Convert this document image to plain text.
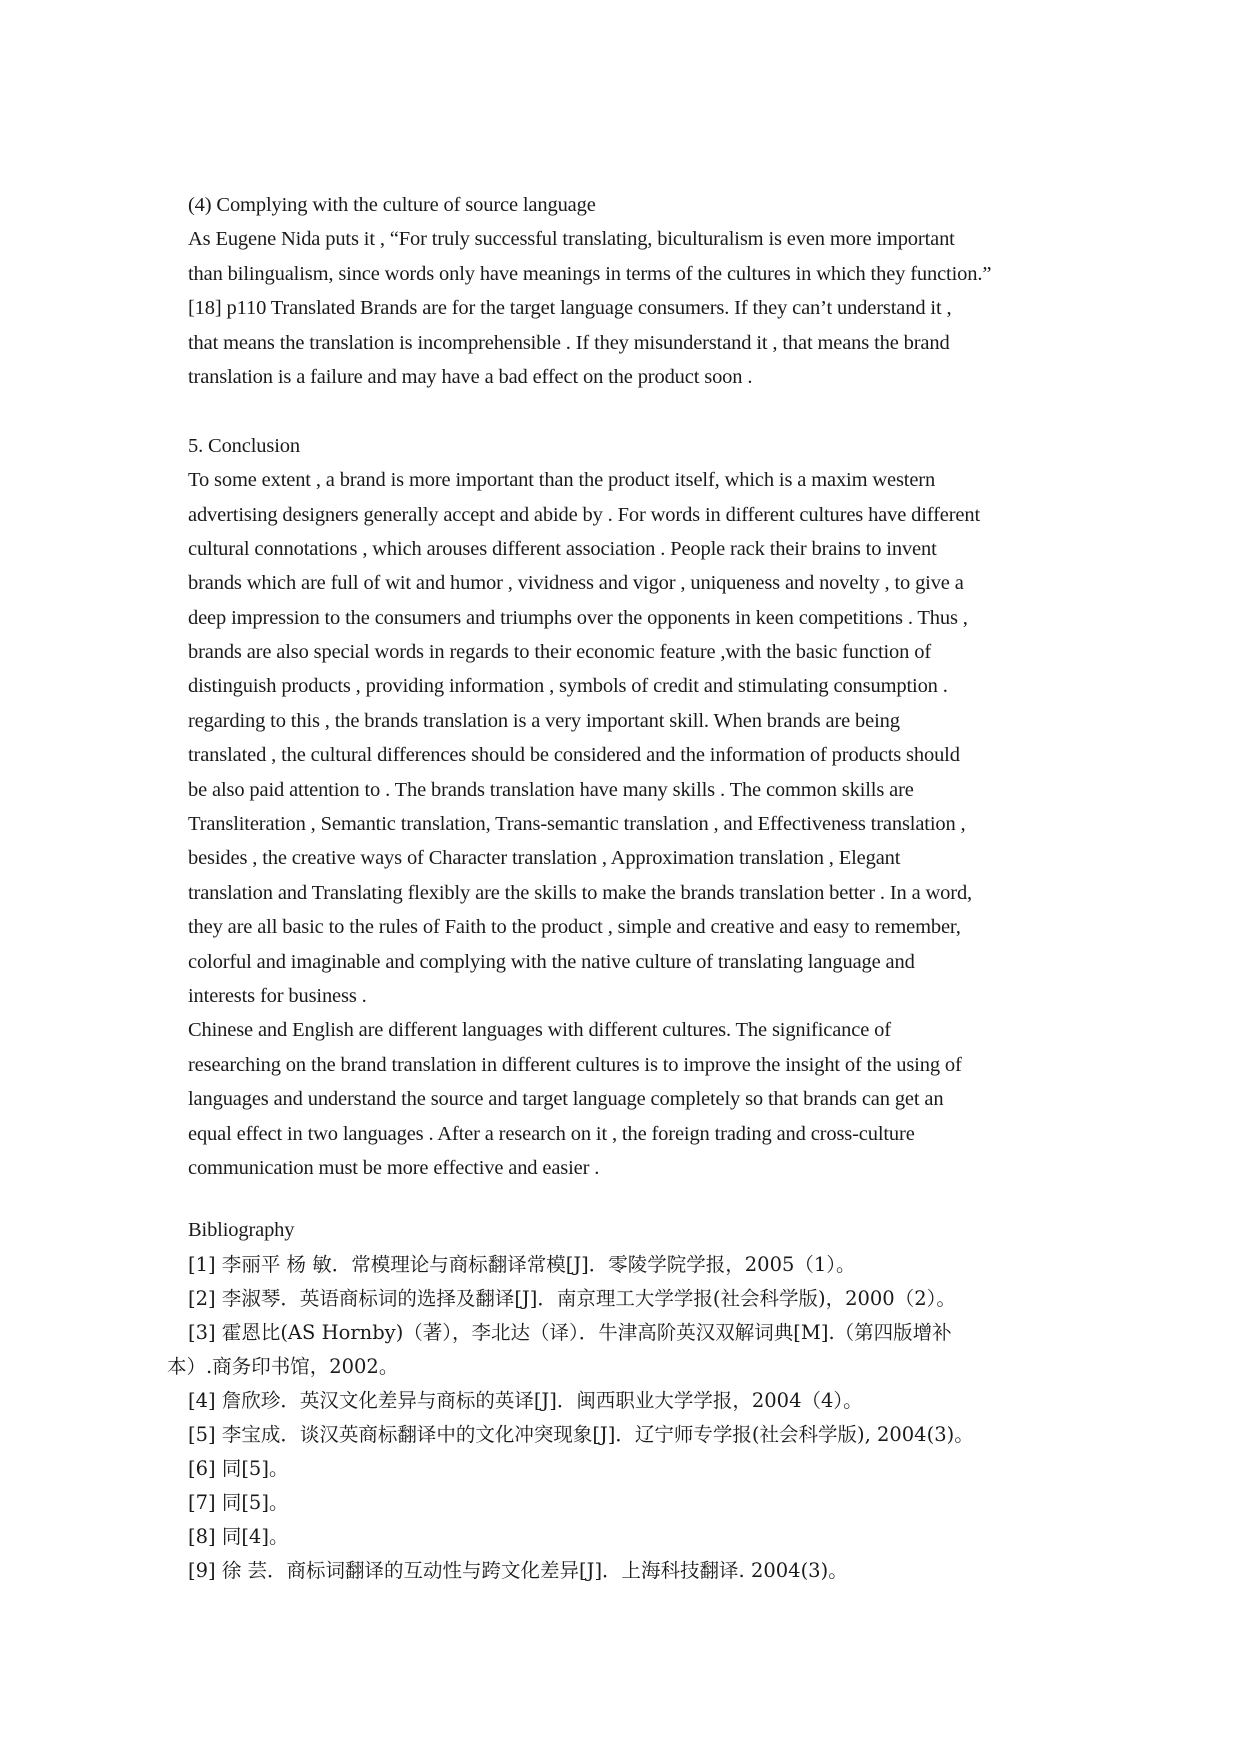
(4) Complying with the culture of source language
As Eugene Nida puts it , “For truly successful translating, biculturalism is even more important
than bilingualism, since words only have meanings in terms of the cultures in which they function.”
[18] p110 Translated Brands are for the target language consumers. If they can’t understand it ,
that means the translation is incomprehensible . If they misunderstand it , that means the brand
translation is a failure and may have a bad effect on the product soon .
5. Conclusion
To some extent , a brand is more important than the product itself, which is a maxim western
advertising designers generally accept and abide by . For words in different cultures have different
cultural connotations , which arouses different association . People rack their brains to invent
brands which are full of wit and humor , vividness and vigor , uniqueness and novelty , to give a
deep impression to the consumers and triumphs over the opponents in keen competitions . Thus ,
brands are also special words in regards to their economic feature ,with the basic function of
distinguish products , providing information , symbols of credit and stimulating consumption .
regarding to this , the brands translation is a very important skill. When brands are being
translated , the cultural differences should be considered and the information of products should
be also paid attention to . The brands translation have many skills . The common skills are
Transliteration , Semantic translation, Trans-semantic translation , and Effectiveness translation ,
besides , the creative ways of Character translation , Approximation translation , Elegant
translation and Translating flexibly are the skills to make the brands translation better . In a word,
they are all basic to the rules of Faith to the product , simple and creative and easy to remember,
colorful and imaginable and complying with the native culture of translating language and
interests for business .
Chinese and English are different languages with different cultures. The significance of
researching on the brand translation in different cultures is to improve the insight of the using of
languages and understand the source and target language completely so that brands can get an
equal effect in two languages . After a research on it , the foreign trading and cross-culture
communication must be more effective and easier .
Bibliography
[1] 李丽平 杨 敏．常模理论与商标翻译常模[J]．零陵学院学报，2005（1）。
[2] 李淑琴．英语商标词的选择及翻译[J]．南京理工大学学报(社会科学版)，2000（2）。
[3] 霍恩比(AS Hornby)（著），李北达（译）．牛津高阶英汉双解词典[M].（第四版增补
本）.商务印书馆，2002。
[4] 詹欣珍．英汉文化差异与商标的英译[J]．闽西职业大学学报，2004（4）。
[5] 李宝成．谈汉英商标翻译中的文化冲突现象[J]．辽宁师专学报(社会科学版), 2004(3)。
[6] 同[5]。
[7] 同[5]。
[8] 同[4]。
[9] 徐 芸．商标词翻译的互动性与跨文化差异[J]．上海科技翻译. 2004(3)。
